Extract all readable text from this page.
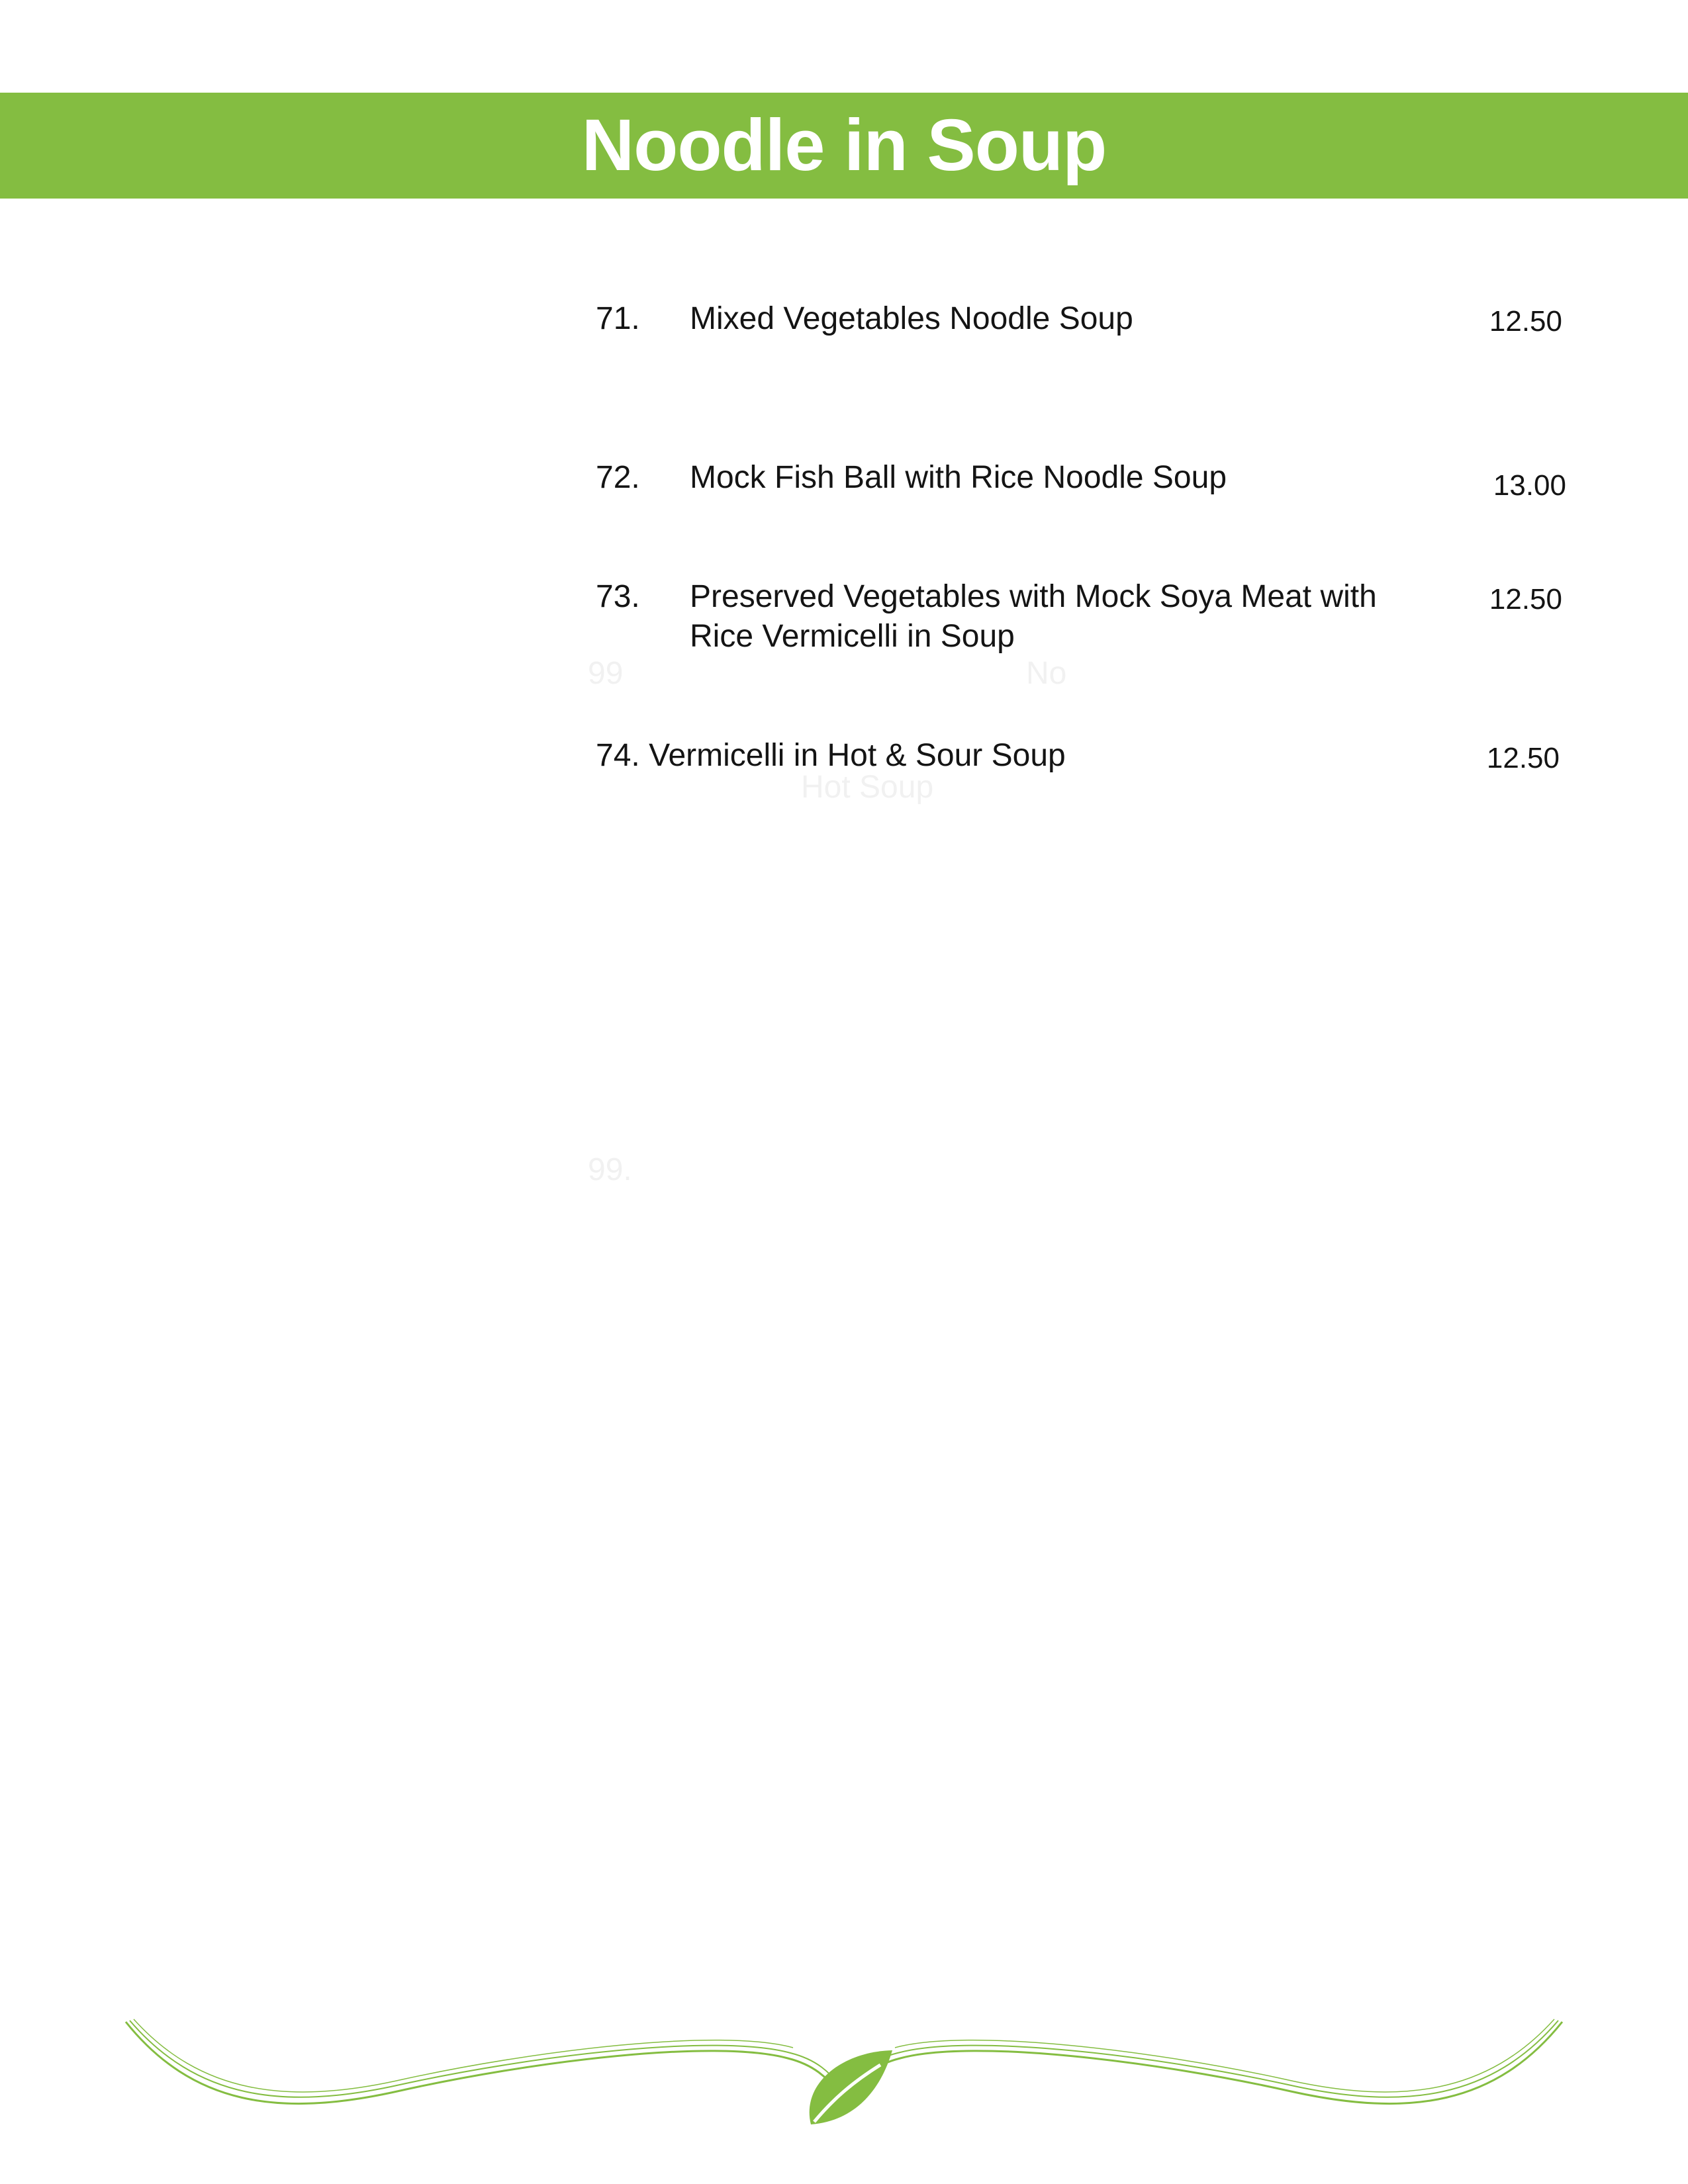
Noodle in Soup
99	No
Hot Soup
99.
71. Mixed Vegetables Noodle Soup	12.50
72. Mock Fish Ball with Rice Noodle Soup	13.00
73. Preserved Vegetables with Mock Soya Meat with
Rice Vermicelli in Soup
12.50
74. Vermicelli in Hot & Sour Soup	12.50
